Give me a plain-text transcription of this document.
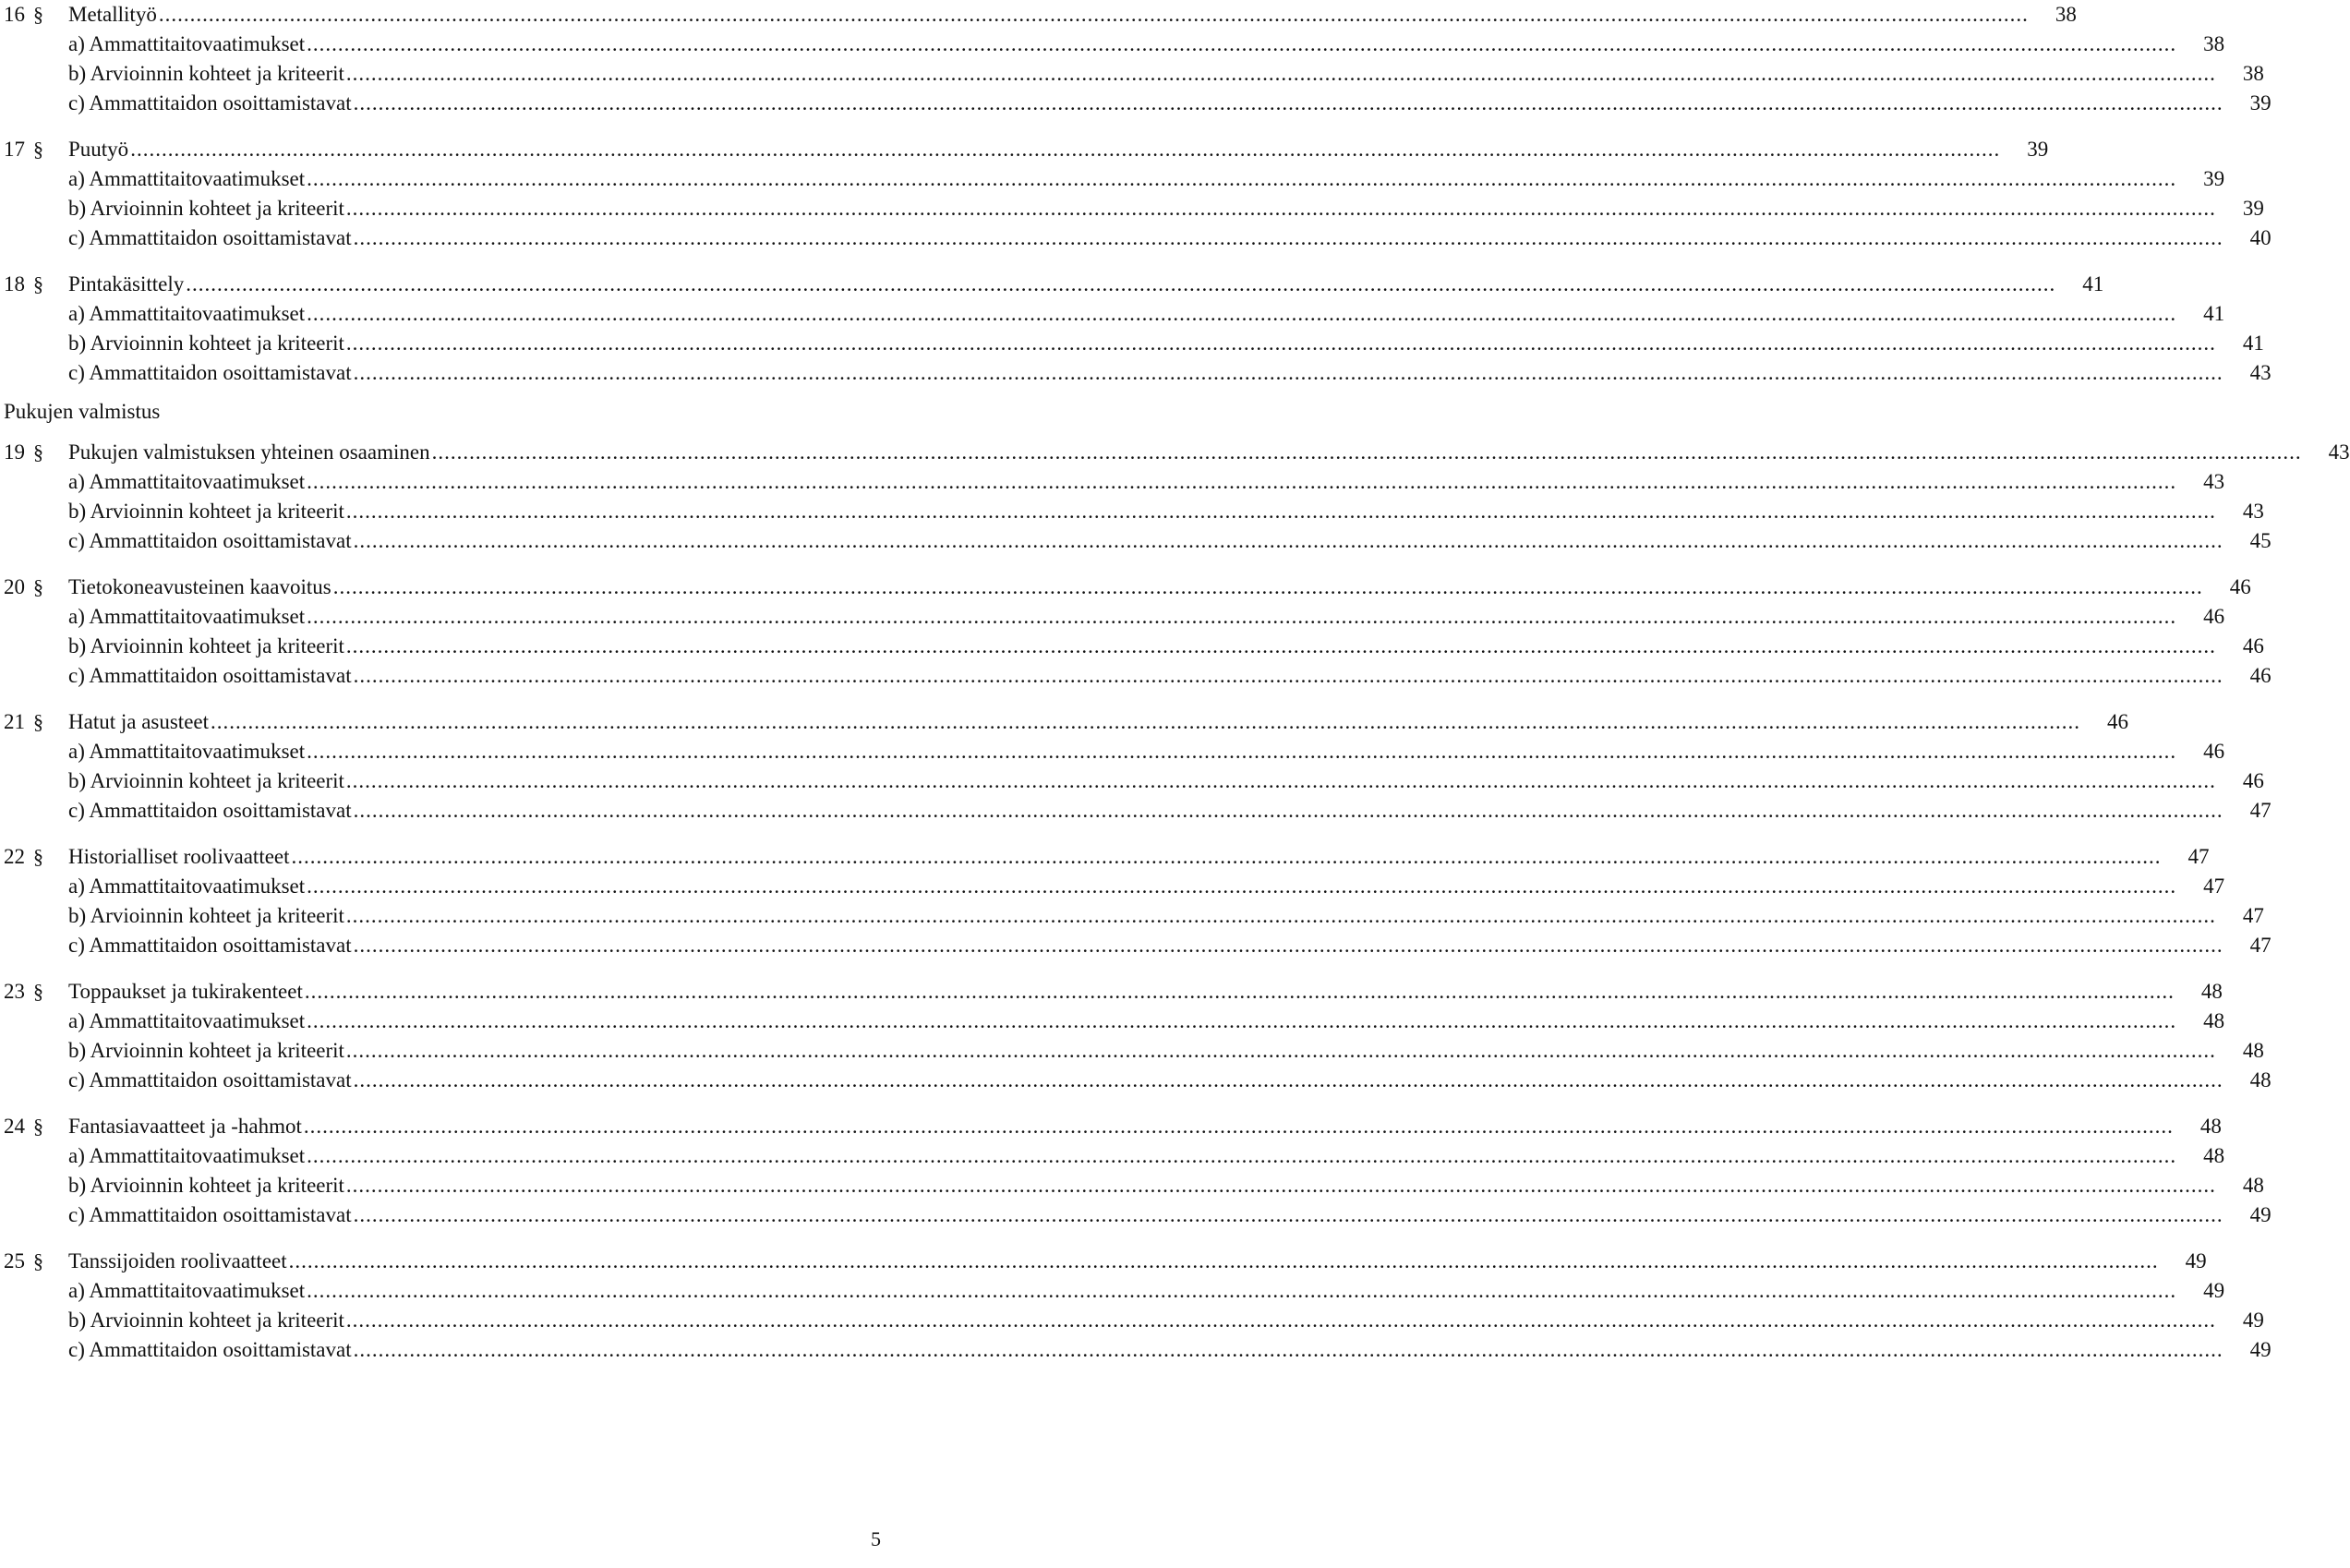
16 §	Metallityö ............................................................................................................................................................................................................................................................................................................	38
a) Ammattitaitovaatimukset ............................................................................................................................................................................................................................................................................................................	38
b) Arvioinnin kohteet ja kriteerit ............................................................................................................................................................................................................................................................................................................	38
c) Ammattitaidon osoittamistavat ............................................................................................................................................................................................................................................................................................................	39
17 §	Puutyö ............................................................................................................................................................................................................................................................................................................	39
a) Ammattitaitovaatimukset ............................................................................................................................................................................................................................................................................................................	39
b) Arvioinnin kohteet ja kriteerit ............................................................................................................................................................................................................................................................................................................	39
c) Ammattitaidon osoittamistavat ............................................................................................................................................................................................................................................................................................................	40
18 §	Pintakäsittely ............................................................................................................................................................................................................................................................................................................	41
a) Ammattitaitovaatimukset ............................................................................................................................................................................................................................................................................................................	41
b) Arvioinnin kohteet ja kriteerit ............................................................................................................................................................................................................................................................................................................	41
c) Ammattitaidon osoittamistavat ............................................................................................................................................................................................................................................................................................................	43
Pukujen valmistus
19 §	Pukujen valmistuksen yhteinen osaaminen ............................................................................................................................................................................................................................................................................................................	43
a) Ammattitaitovaatimukset ............................................................................................................................................................................................................................................................................................................	43
b) Arvioinnin kohteet ja kriteerit ............................................................................................................................................................................................................................................................................................................	43
c) Ammattitaidon osoittamistavat ............................................................................................................................................................................................................................................................................................................	45
20 §	Tietokoneavusteinen kaavoitus ............................................................................................................................................................................................................................................................................................................	46
a) Ammattitaitovaatimukset ............................................................................................................................................................................................................................................................................................................	46
b) Arvioinnin kohteet ja kriteerit ............................................................................................................................................................................................................................................................................................................	46
c) Ammattitaidon osoittamistavat ............................................................................................................................................................................................................................................................................................................	46
21 §	Hatut ja asusteet ............................................................................................................................................................................................................................................................................................................	46
a) Ammattitaitovaatimukset ............................................................................................................................................................................................................................................................................................................	46
b) Arvioinnin kohteet ja kriteerit ............................................................................................................................................................................................................................................................................................................	46
c) Ammattitaidon osoittamistavat ............................................................................................................................................................................................................................................................................................................	47
22 §	Historialliset roolivaatteet ............................................................................................................................................................................................................................................................................................................	47
a) Ammattitaitovaatimukset ............................................................................................................................................................................................................................................................................................................	47
b) Arvioinnin kohteet ja kriteerit ............................................................................................................................................................................................................................................................................................................	47
c) Ammattitaidon osoittamistavat ............................................................................................................................................................................................................................................................................................................	47
23 §	Toppaukset ja tukirakenteet ............................................................................................................................................................................................................................................................................................................	48
a) Ammattitaitovaatimukset ............................................................................................................................................................................................................................................................................................................	48
b) Arvioinnin kohteet ja kriteerit ............................................................................................................................................................................................................................................................................................................	48
c) Ammattitaidon osoittamistavat ............................................................................................................................................................................................................................................................................................................	48
24 §	Fantasiavaatteet ja -hahmot ............................................................................................................................................................................................................................................................................................................	48
a) Ammattitaitovaatimukset ............................................................................................................................................................................................................................................................................................................	48
b) Arvioinnin kohteet ja kriteerit ............................................................................................................................................................................................................................................................................................................	48
c) Ammattitaidon osoittamistavat ............................................................................................................................................................................................................................................................................................................	49
25 §	Tanssijoiden roolivaatteet ............................................................................................................................................................................................................................................................................................................	49
a) Ammattitaitovaatimukset ............................................................................................................................................................................................................................................................................................................	49
b) Arvioinnin kohteet ja kriteerit ............................................................................................................................................................................................................................................................................................................	49
c) Ammattitaidon osoittamistavat ............................................................................................................................................................................................................................................................................................................	49
5
